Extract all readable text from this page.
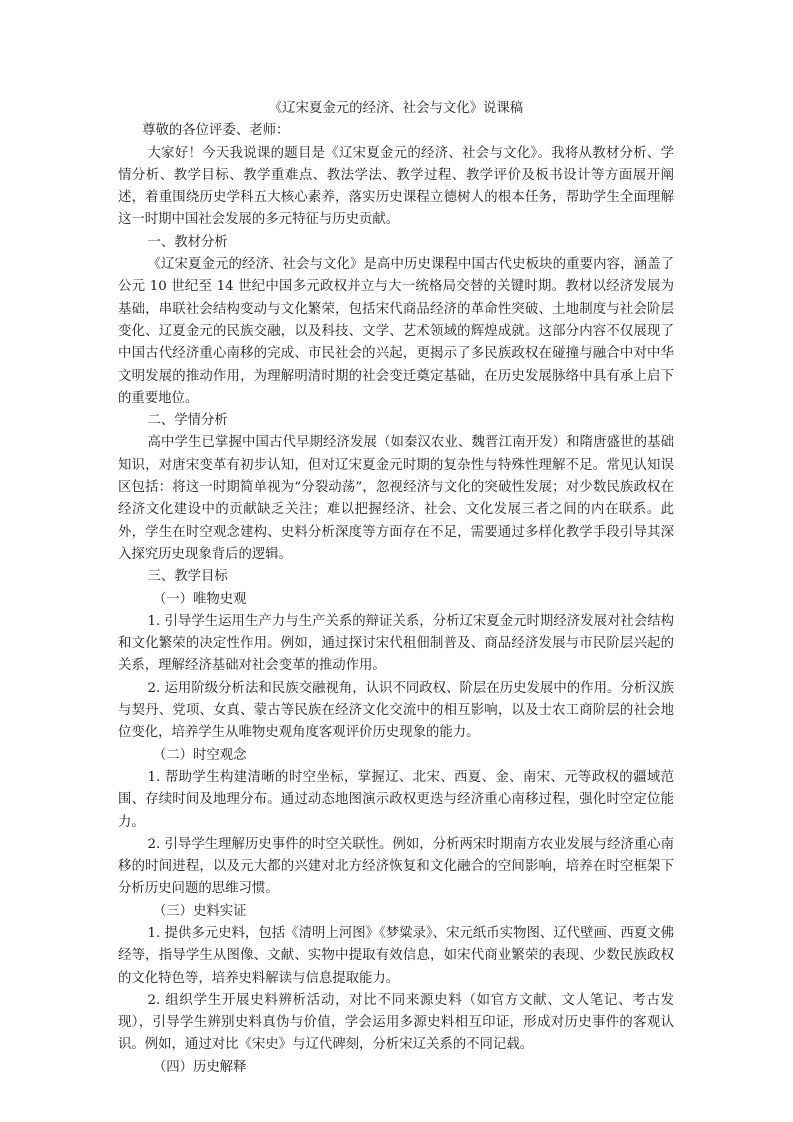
《辽宋夏金元的经济、社会与文化》说课稿

尊敬的各位评委、老师：

大家好！今天我说课的题目是《辽宋夏金元的经济、社会与文化》。我将从教材分析、学情分析、教学目标、教学重难点、教法学法、教学过程、教学评价及板书设计等方面展开阐述，着重围绕历史学科五大核心素养，落实历史课程立德树人的根本任务，帮助学生全面理解这一时期中国社会发展的多元特征与历史贡献。

一、教材分析

《辽宋夏金元的经济、社会与文化》是高中历史课程中国古代史板块的重要内容，涵盖了公元 10 世纪至 14 世纪中国多元政权并立与大一统格局交替的关键时期。教材以经济发展为基础，串联社会结构变动与文化繁荣，包括宋代商品经济的革命性突破、土地制度与社会阶层变化、辽夏金元的民族交融，以及科技、文学、艺术领域的辉煌成就。这部分内容不仅展现了中国古代经济重心南移的完成、市民社会的兴起，更揭示了多民族政权在碰撞与融合中对中华文明发展的推动作用，为理解明清时期的社会变迁奠定基础，在历史发展脉络中具有承上启下的重要地位。

二、学情分析

高中学生已掌握中国古代早期经济发展（如秦汉农业、魏晋江南开发）和隋唐盛世的基础知识，对唐宋变革有初步认知，但对辽宋夏金元时期的复杂性与特殊性理解不足。常见认知误区包括：将这一时期简单视为“分裂动荡”，忽视经济与文化的突破性发展；对少数民族政权在经济文化建设中的贡献缺乏关注；难以把握经济、社会、文化发展三者之间的内在联系。此外，学生在时空观念建构、史料分析深度等方面存在不足，需要通过多样化教学手段引导其深入探究历史现象背后的逻辑。

三、教学目标

（一）唯物史观

1. 引导学生运用生产力与生产关系的辩证关系，分析辽宋夏金元时期经济发展对社会结构和文化繁荣的决定性作用。例如，通过探讨宋代租佃制普及、商品经济发展与市民阶层兴起的关系，理解经济基础对社会变革的推动作用。

2. 运用阶级分析法和民族交融视角，认识不同政权、阶层在历史发展中的作用。分析汉族与契丹、党项、女真、蒙古等民族在经济文化交流中的相互影响，以及士农工商阶层的社会地位变化，培养学生从唯物史观角度客观评价历史现象的能力。

（二）时空观念

1. 帮助学生构建清晰的时空坐标，掌握辽、北宋、西夏、金、南宋、元等政权的疆域范围、存续时间及地理分布。通过动态地图演示政权更迭与经济重心南移过程，强化时空定位能力。

2. 引导学生理解历史事件的时空关联性。例如，分析两宋时期南方农业发展与经济重心南移的时间进程，以及元大都的兴建对北方经济恢复和文化融合的空间影响，培养在时空框架下分析历史问题的思维习惯。

（三）史料实证

1. 提供多元史料，包括《清明上河图》《梦粱录》、宋元纸币实物图、辽代壁画、西夏文佛经等，指导学生从图像、文献、实物中提取有效信息，如宋代商业繁荣的表现、少数民族政权的文化特色等，培养史料解读与信息提取能力。

2. 组织学生开展史料辨析活动，对比不同来源史料（如官方文献、文人笔记、考古发现），引导学生辨别史料真伪与价值，学会运用多源史料相互印证，形成对历史事件的客观认识。例如，通过对比《宋史》与辽代碑刻，分析宋辽关系的不同记载。

（四）历史解释
